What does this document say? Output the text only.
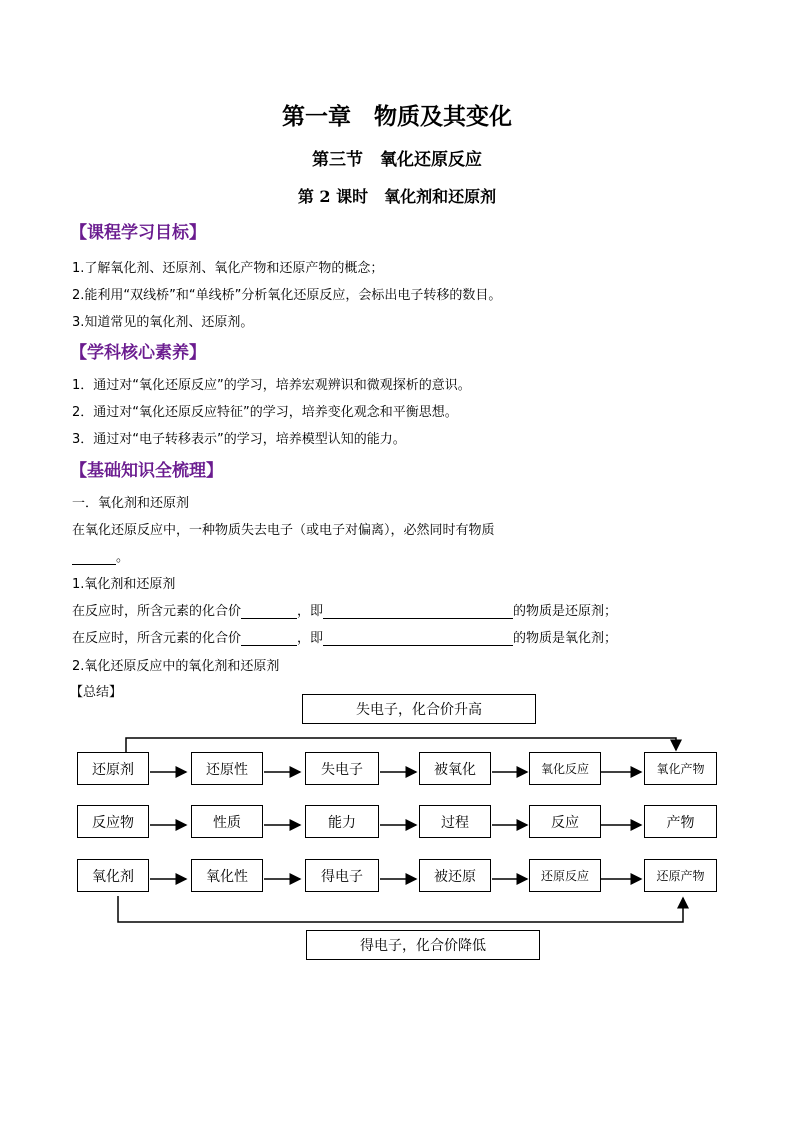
第一章　物质及其变化
第三节　氧化还原反应
第 2 课时　氧化剂和还原剂
【课程学习目标】
1.了解氧化剂、还原剂、氧化产物和还原产物的概念；
2.能利用“双线桥”和“单线桥”分析氧化还原反应，会标出电子转移的数目。
3.知道常见的氧化剂、还原剂。
【学科核心素养】
1．通过对“氧化还原反应”的学习，培养宏观辨识和微观探析的意识。
2．通过对“氧化还原反应特征”的学习，培养变化观念和平衡思想。
3．通过对“电子转移表示”的学习，培养模型认知的能力。
【基础知识全梳理】
一．氧化剂和还原剂
在氧化还原反应中，一种物质失去电子（或电子对偏离），必然同时有物质
。
1.氧化剂和还原剂
在反应时，所含元素的化合价	，即	的物质是还原剂；
在反应时，所含元素的化合价	，即	的物质是氧化剂；
2.氧化还原反应中的氧化剂和还原剂
【总结】
失电子，化合价升高
得电子，化合价降低
还原剂	还原性	失电子	被氧化	氧化反应	氧化产物
反应物	性质	能力	过程	反应	产物
氧化剂	氧化性	得电子	被还原	还原反应	还原产物
